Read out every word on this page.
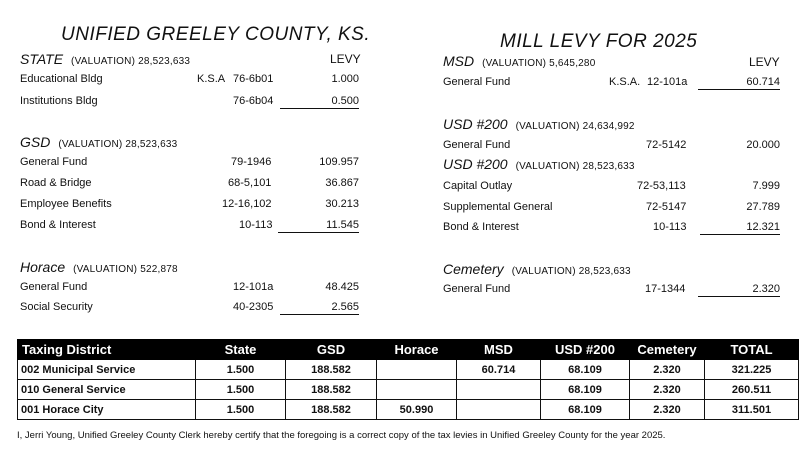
UNIFIED GREELEY COUNTY, KS.	MILL LEVY FOR 2025
STATE (VALUATION) 28,523,633	LEVY
Educational Bldg	K.S.A 76-6b01	1.000
Institutions Bldg	76-6b04	0.500
GSD (VALUATION) 28,523,633
General Fund	79-1946	109.957
Road & Bridge	68-5,101	36.867
Employee Benefits	12-16,102	30.213
Bond & Interest	10-113	11.545
Horace (VALUATION) 522,878
General Fund	12-101a	48.425
Social Security	40-2305	2.565
MSD (VALUATION) 5,645,280	LEVY
General Fund	K.S.A. 12-101a	60.714
USD #200 (VALUATION) 24,634,992
General Fund	72-5142	20.000
USD #200 (VALUATION) 28,523,633
Capital Outlay	72-53,113	7.999
Supplemental General	72-5147	27.789
Bond & Interest	10-113	12.321
Cemetery (VALUATION) 28,523,633
General Fund	17-1344	2.320
Taxing District	State	GSD	Horace	MSD	USD #200	Cemetery	TOTAL
002 Municipal Service	1.500	188.582		60.714	68.109	2.320	321.225
010 General Service	1.500	188.582			68.109	2.320	260.511
001 Horace City	1.500	188.582	50.990		68.109	2.320	311.501
I, Jerri Young, Unified Greeley County Clerk hereby certify that the foregoing is a correct copy of the tax levies in Unified Greeley County for the year 2025.
